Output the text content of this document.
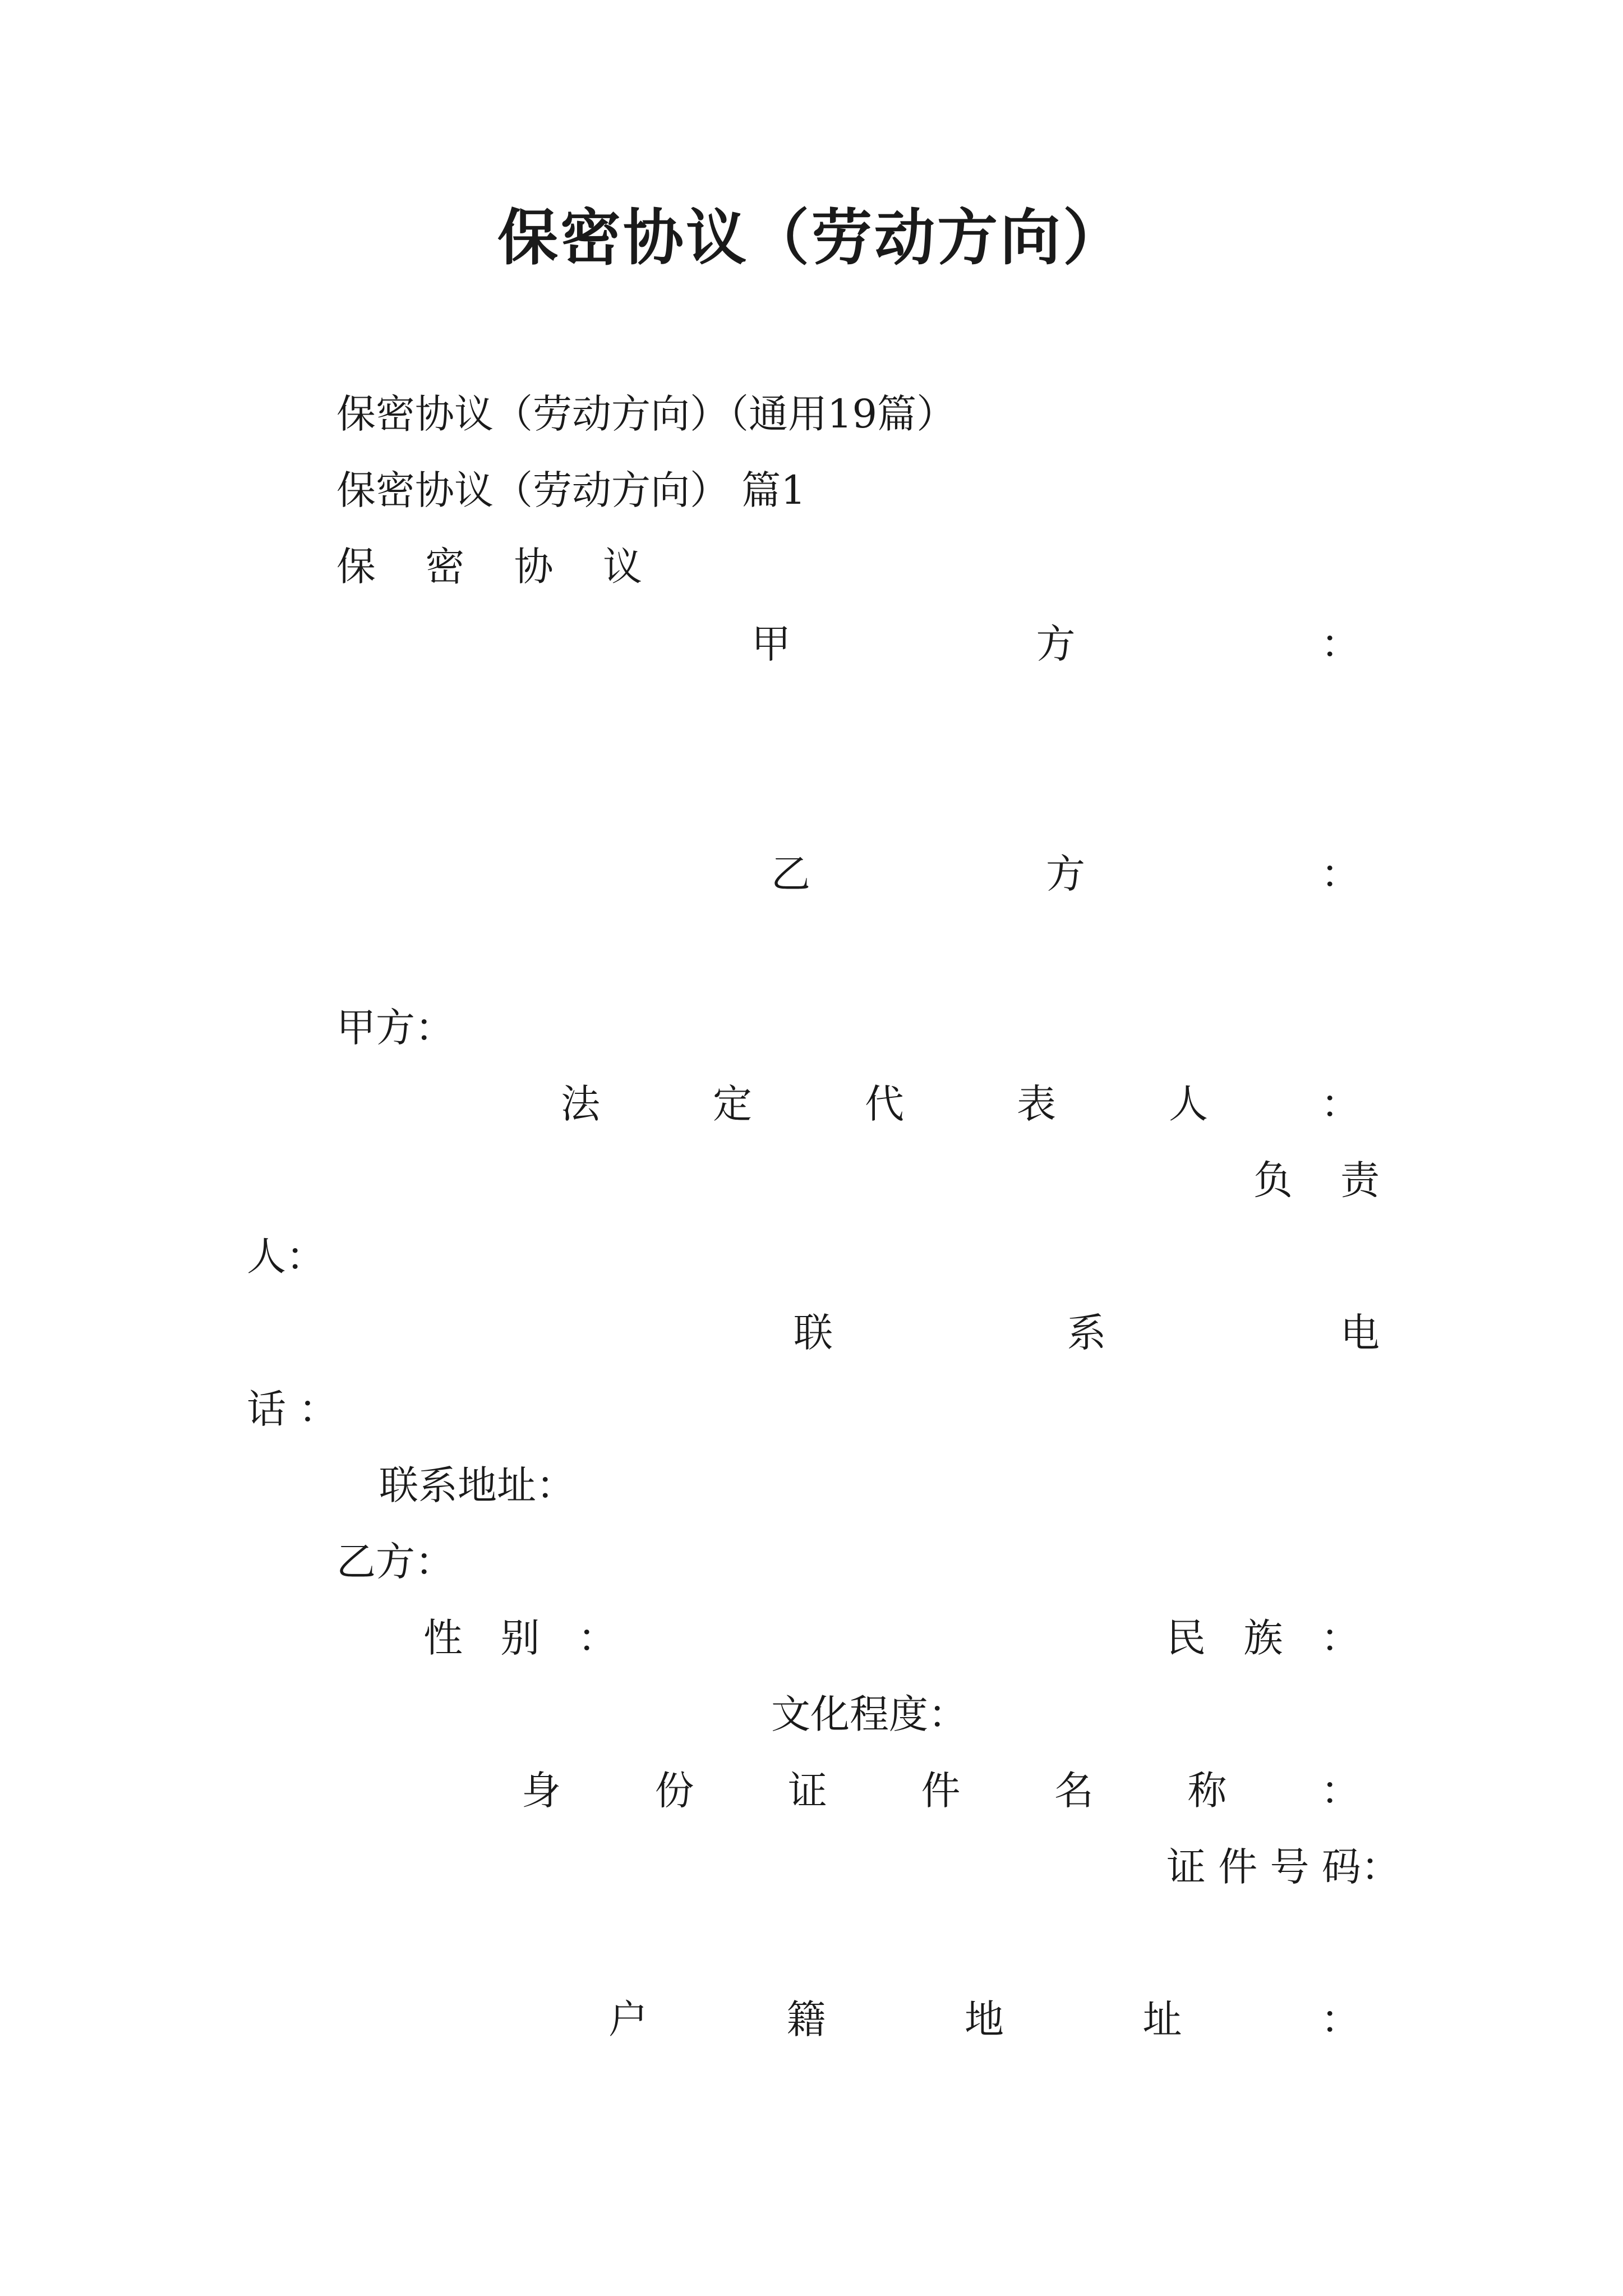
保密协议（劳动方向）
保密协议（劳动方向）（通用19篇）
保密协议（劳动方向） 篇1
保 密 协 议
甲	方	：
乙	方	：
甲方：
法	定	代	表	人	：
负 责
人：
联	系	电
话 ：
联系地址：
乙方：
性 别 ：	民 族 ：
文化程度：
身 份 证 件 名 称 ：
证 件 号 码：
户	籍	地	址	：
